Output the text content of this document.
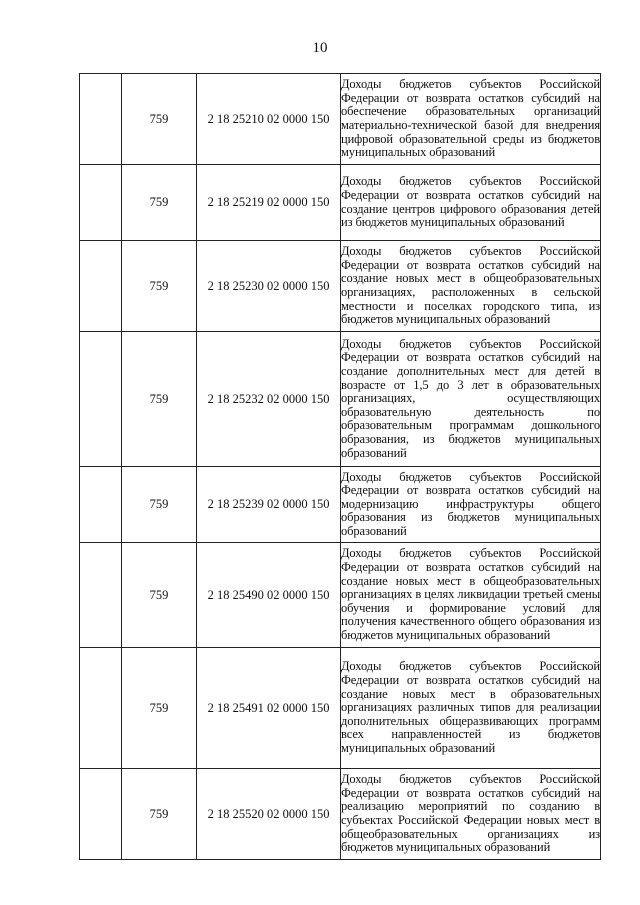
10
	759	2 18 25210 02 0000 150	Доходы бюджетов субъектов Российской Федерации от возврата остатков субсидий на обеспечение образовательных организаций материально-технической базой для внедрения цифровой образовательной среды из бюджетов муниципальных образований
	759	2 18 25219 02 0000 150	Доходы бюджетов субъектов Российской Федерации от возврата остатков субсидий на создание центров цифрового образования детей из бюджетов муниципальных образований
	759	2 18 25230 02 0000 150	Доходы бюджетов субъектов Российской Федерации от возврата остатков субсидий на создание новых мест в общеобразовательных организациях, расположенных в сельской местности и поселках городского типа, из бюджетов муниципальных образований
	759	2 18 25232 02 0000 150	Доходы бюджетов субъектов Российской Федерации от возврата остатков субсидий на создание дополнительных мест для детей в возрасте от 1,5 до 3 лет в образовательных организациях, осуществляющих образовательную деятельность по образовательным программам дошкольного образования, из бюджетов муниципальных образований
	759	2 18 25239 02 0000 150	Доходы бюджетов субъектов Российской Федерации от возврата остатков субсидий на модернизацию инфраструктуры общего образования из бюджетов муниципальных образований
	759	2 18 25490 02 0000 150	Доходы бюджетов субъектов Российской Федерации от возврата остатков субсидий на создание новых мест в общеобразовательных организациях в целях ликвидации третьей смены обучения и формирование условий для получения качественного общего образования из бюджетов муниципальных образований
	759	2 18 25491 02 0000 150	Доходы бюджетов субъектов Российской Федерации от возврата остатков субсидий на создание новых мест в образовательных организациях различных типов для реализации дополнительных общеразвивающих программ всех направленностей из бюджетов муниципальных образований
	759	2 18 25520 02 0000 150	Доходы бюджетов субъектов Российской Федерации от возврата остатков субсидий на реализацию мероприятий по созданию в субъектах Российской Федерации новых мест в общеобразовательных организациях из бюджетов муниципальных образований
